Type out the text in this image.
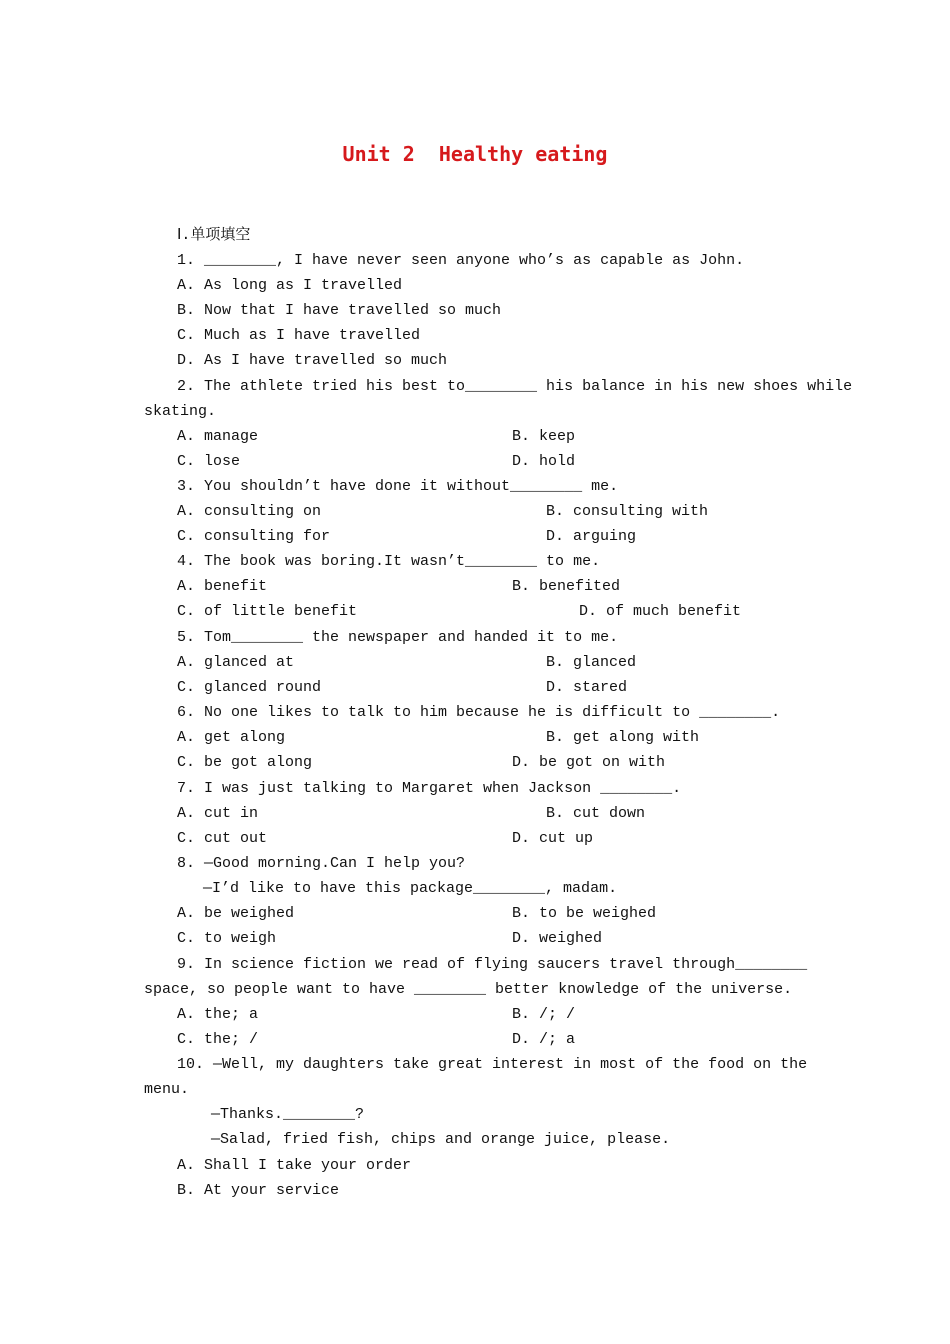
Unit 2  Healthy eating
Ⅰ.单项填空
1. ________, I have never seen anyone who’s as capable as John.
A. As long as I travelled
B. Now that I have travelled so much
C. Much as I have travelled
D. As I have travelled so much
2. The athlete tried his best to________ his balance in his new shoes while
skating.
A. manage	B. keep
C. lose	D. hold
3. You shouldn’t have done it without________ me.
A. consulting on	B. consulting with
C. consulting for	D. arguing
4. The book was boring.It wasn’t________ to me.
A. benefit	B. benefited
C. of little benefit	D. of much benefit
5. Tom________ the newspaper and handed it to me.
A. glanced at	B. glanced
C. glanced round	D. stared
6. No one likes to talk to him because he is difficult to ________.
A. get along	B. get along with
C. be got along	D. be got on with
7. I was just talking to Margaret when Jackson ________.
A. cut in	B. cut down
C. cut out	D. cut up
8. —Good morning.Can I help you?
—I’d like to have this package________, madam.
A. be weighed	B. to be weighed
C. to weigh	D. weighed
9. In science fiction we read of flying saucers travel through________
space, so people want to have ________ better knowledge of the universe.
A. the; a	B. /; /
C. the; /	D. /; a
10. —Well, my daughters take great interest in most of the food on the
menu.
—Thanks.________?
—Salad, fried fish, chips and orange juice, please.
A. Shall I take your order
B. At your service
